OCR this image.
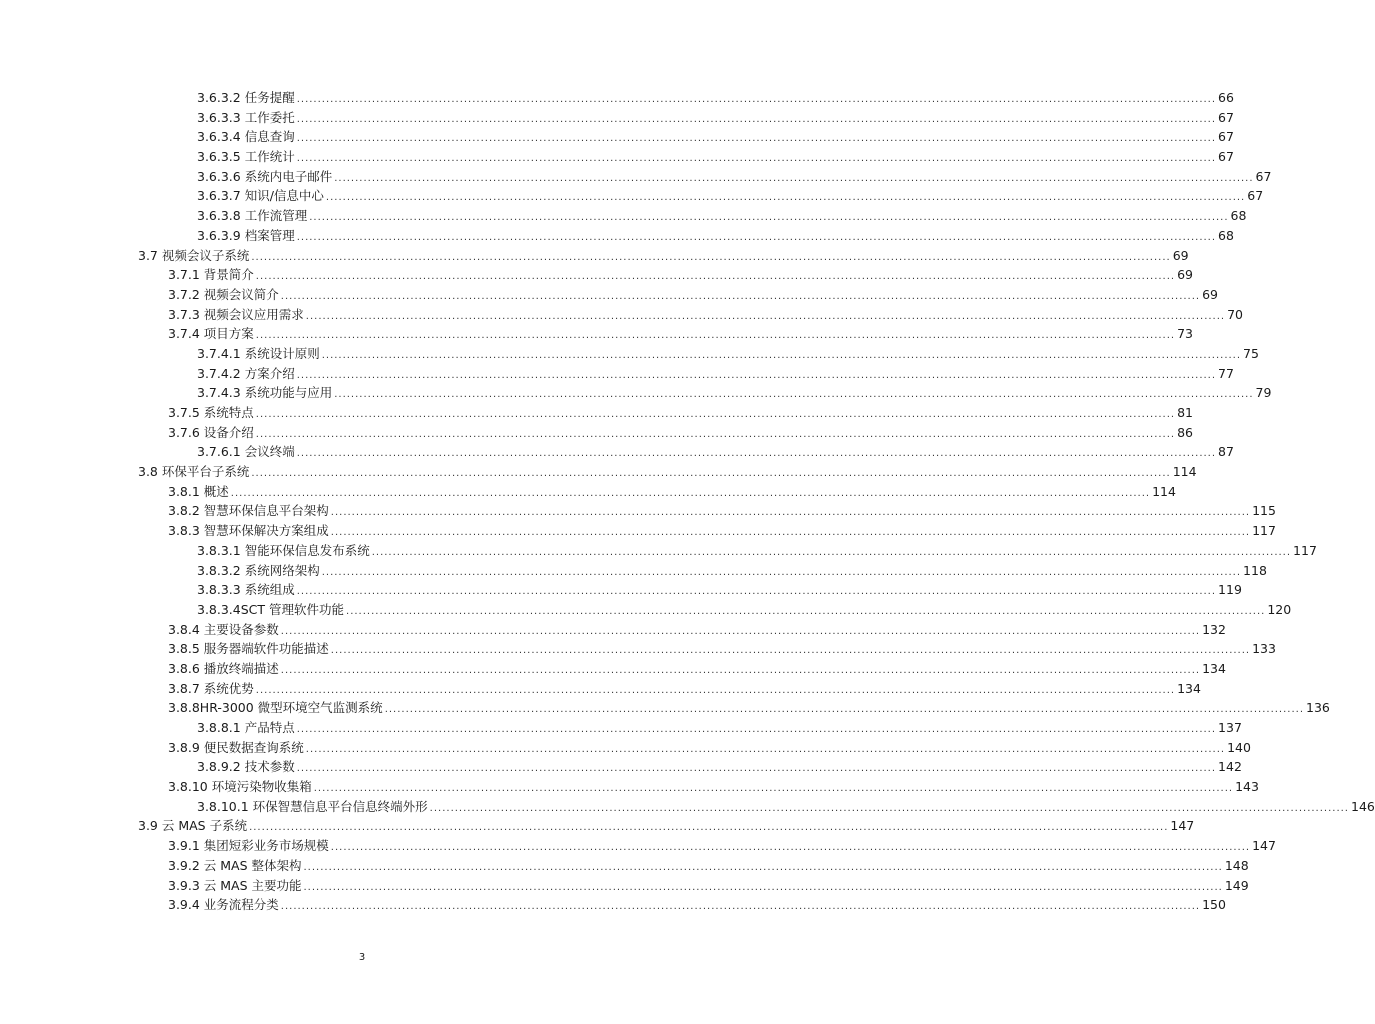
3.6.3.2 任务提醒 ............................................................................................................................................................................................................................ 66
3.6.3.3 工作委托 ............................................................................................................................................................................................................................ 67
3.6.3.4 信息查询 ............................................................................................................................................................................................................................ 67
3.6.3.5 工作统计 ............................................................................................................................................................................................................................ 67
3.6.3.6 系统内电子邮件 ............................................................................................................................................................................................................................ 67
3.6.3.7 知识/信息中心 ............................................................................................................................................................................................................................ 67
3.6.3.8 工作流管理 ............................................................................................................................................................................................................................ 68
3.6.3.9 档案管理 ............................................................................................................................................................................................................................ 68
3.7 视频会议子系统 ............................................................................................................................................................................................................................ 69
3.7.1 背景简介 ............................................................................................................................................................................................................................ 69
3.7.2 视频会议简介 ............................................................................................................................................................................................................................ 69
3.7.3 视频会议应用需求 ............................................................................................................................................................................................................................ 70
3.7.4 项目方案 ............................................................................................................................................................................................................................ 73
3.7.4.1 系统设计原则 ............................................................................................................................................................................................................................ 75
3.7.4.2 方案介绍 ............................................................................................................................................................................................................................ 77
3.7.4.3 系统功能与应用 ............................................................................................................................................................................................................................ 79
3.7.5 系统特点 ............................................................................................................................................................................................................................ 81
3.7.6 设备介绍 ............................................................................................................................................................................................................................ 86
3.7.6.1 会议终端 ............................................................................................................................................................................................................................ 87
3.8 环保平台子系统 ............................................................................................................................................................................................................................ 114
3.8.1 概述 ............................................................................................................................................................................................................................ 114
3.8.2 智慧环保信息平台架构 ............................................................................................................................................................................................................................ 115
3.8.3 智慧环保解决方案组成 ............................................................................................................................................................................................................................ 117
3.8.3.1 智能环保信息发布系统 ............................................................................................................................................................................................................................ 117
3.8.3.2 系统网络架构 ............................................................................................................................................................................................................................ 118
3.8.3.3 系统组成 ............................................................................................................................................................................................................................ 119
3.8.3.4SCT 管理软件功能 ............................................................................................................................................................................................................................ 120
3.8.4 主要设备参数 ............................................................................................................................................................................................................................ 132
3.8.5 服务器端软件功能描述 ............................................................................................................................................................................................................................ 133
3.8.6 播放终端描述 ............................................................................................................................................................................................................................ 134
3.8.7 系统优势 ............................................................................................................................................................................................................................ 134
3.8.8HR-3000 微型环境空气监测系统 ............................................................................................................................................................................................................................ 136
3.8.8.1 产品特点 ............................................................................................................................................................................................................................ 137
3.8.9 便民数据查询系统 ............................................................................................................................................................................................................................ 140
3.8.9.2 技术参数 ............................................................................................................................................................................................................................ 142
3.8.10 环境污染物收集箱 ............................................................................................................................................................................................................................ 143
3.8.10.1 环保智慧信息平台信息终端外形 ............................................................................................................................................................................................................................ 146
3.9 云 MAS 子系统 ............................................................................................................................................................................................................................ 147
3.9.1 集团短彩业务市场规模 ............................................................................................................................................................................................................................ 147
3.9.2 云 MAS 整体架构 ............................................................................................................................................................................................................................ 148
3.9.3 云 MAS 主要功能 ............................................................................................................................................................................................................................ 149
3.9.4 业务流程分类 ............................................................................................................................................................................................................................ 150
3
